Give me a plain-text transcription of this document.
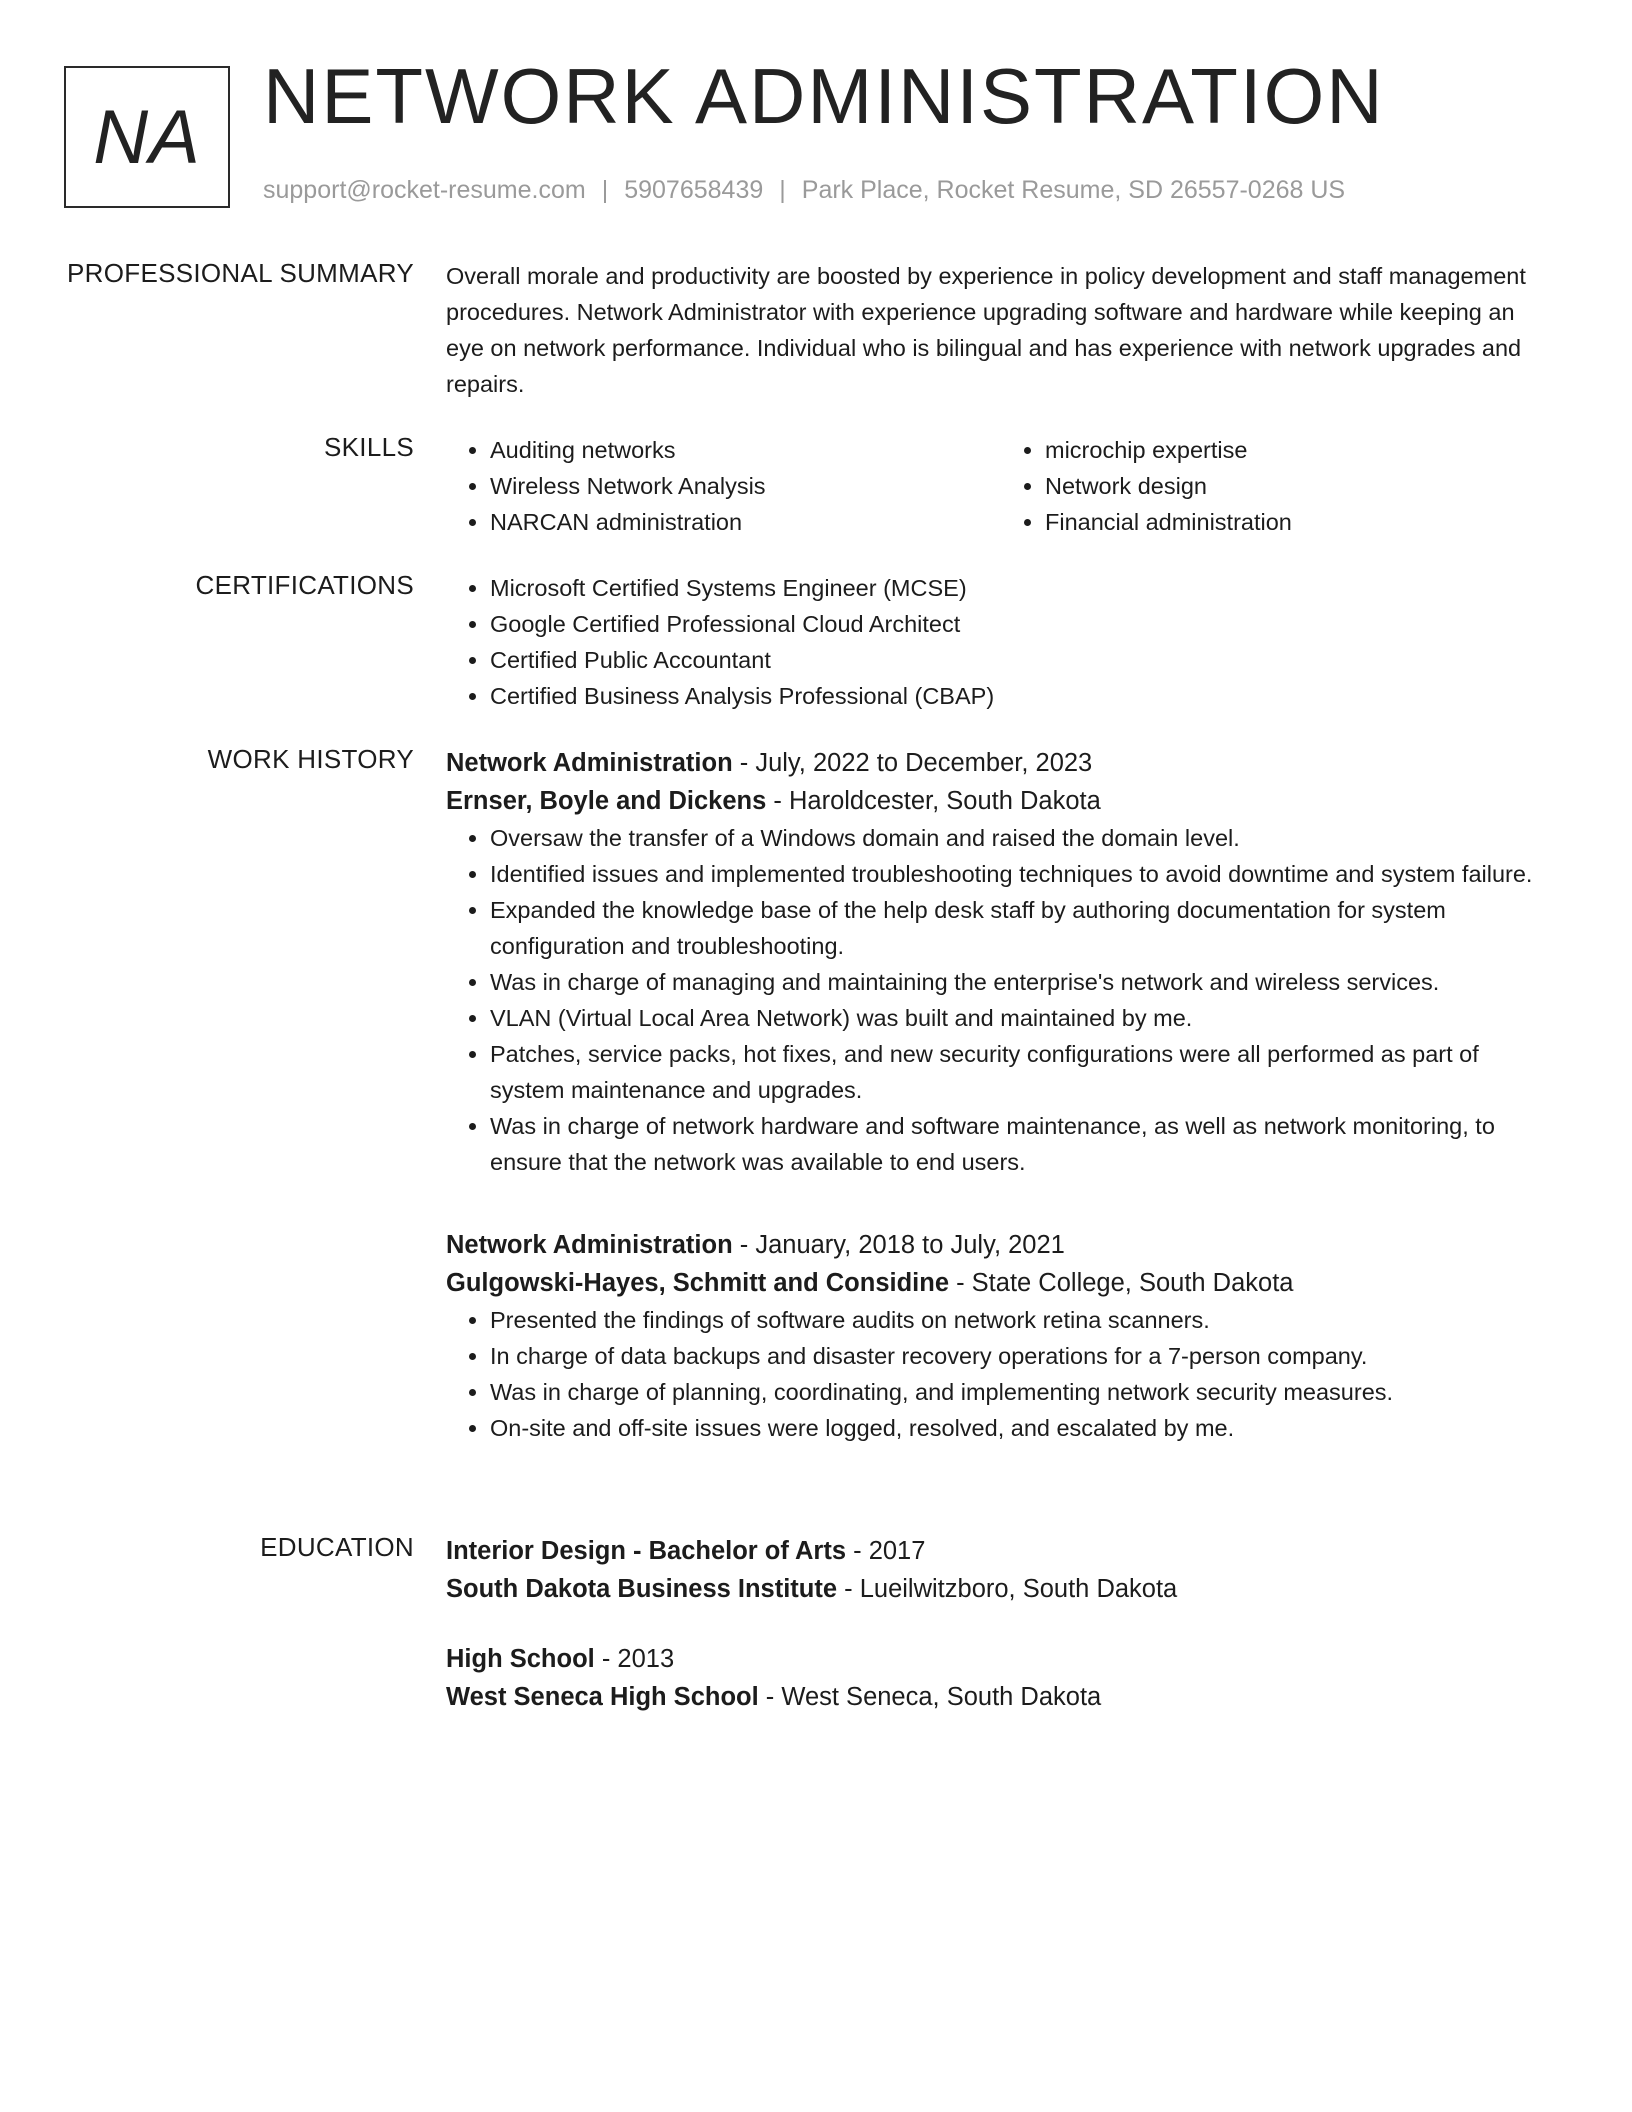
NA NETWORK ADMINISTRATION
support@rocket-resume.com | 5907658439 | Park Place, Rocket Resume, SD 26557-0268 US
PROFESSIONAL SUMMARY Overall morale and productivity are boosted by experience in policy development and staff management procedures. Network Administrator with experience upgrading software and hardware while keeping an eye on network performance. Individual who is bilingual and has experience with network upgrades and repairs.

SKILLS	• Auditing networks
• Wireless Network Analysis
• NARCAN administration
• microchip expertise
• Network design
• Financial administration
CERTIFICATIONS	• Microsoft Certified Systems Engineer (MCSE)
• Google Certified Professional Cloud Architect
• Certified Public Accountant
• Certified Business Analysis Professional (CBAP)
WORK HISTORY Network Administration - July, 2022 to December, 2023
Ernser, Boyle and Dickens - Haroldcester, South Dakota
• Oversaw the transfer of a Windows domain and raised the domain level.
• Identified issues and implemented troubleshooting techniques to avoid downtime and system failure.
• Expanded the knowledge base of the help desk staff by authoring documentation for system configuration and troubleshooting.
• Was in charge of managing and maintaining the enterprise's network and wireless services.
• VLAN (Virtual Local Area Network) was built and maintained by me.
• Patches, service packs, hot fixes, and new security configurations were all performed as part of system maintenance and upgrades.
• Was in charge of network hardware and software maintenance, as well as network monitoring, to ensure that the network was available to end users.
Network Administration - January, 2018 to July, 2021
Gulgowski-Hayes, Schmitt and Considine - State College, South Dakota
• Presented the findings of software audits on network retina scanners.
• In charge of data backups and disaster recovery operations for a 7-person company.
• Was in charge of planning, coordinating, and implementing network security measures.
• On-site and off-site issues were logged, resolved, and escalated by me.
EDUCATION Interior Design - Bachelor of Arts - 2017
South Dakota Business Institute - Lueilwitzboro, South Dakota
High School - 2013
West Seneca High School - West Seneca, South Dakota
